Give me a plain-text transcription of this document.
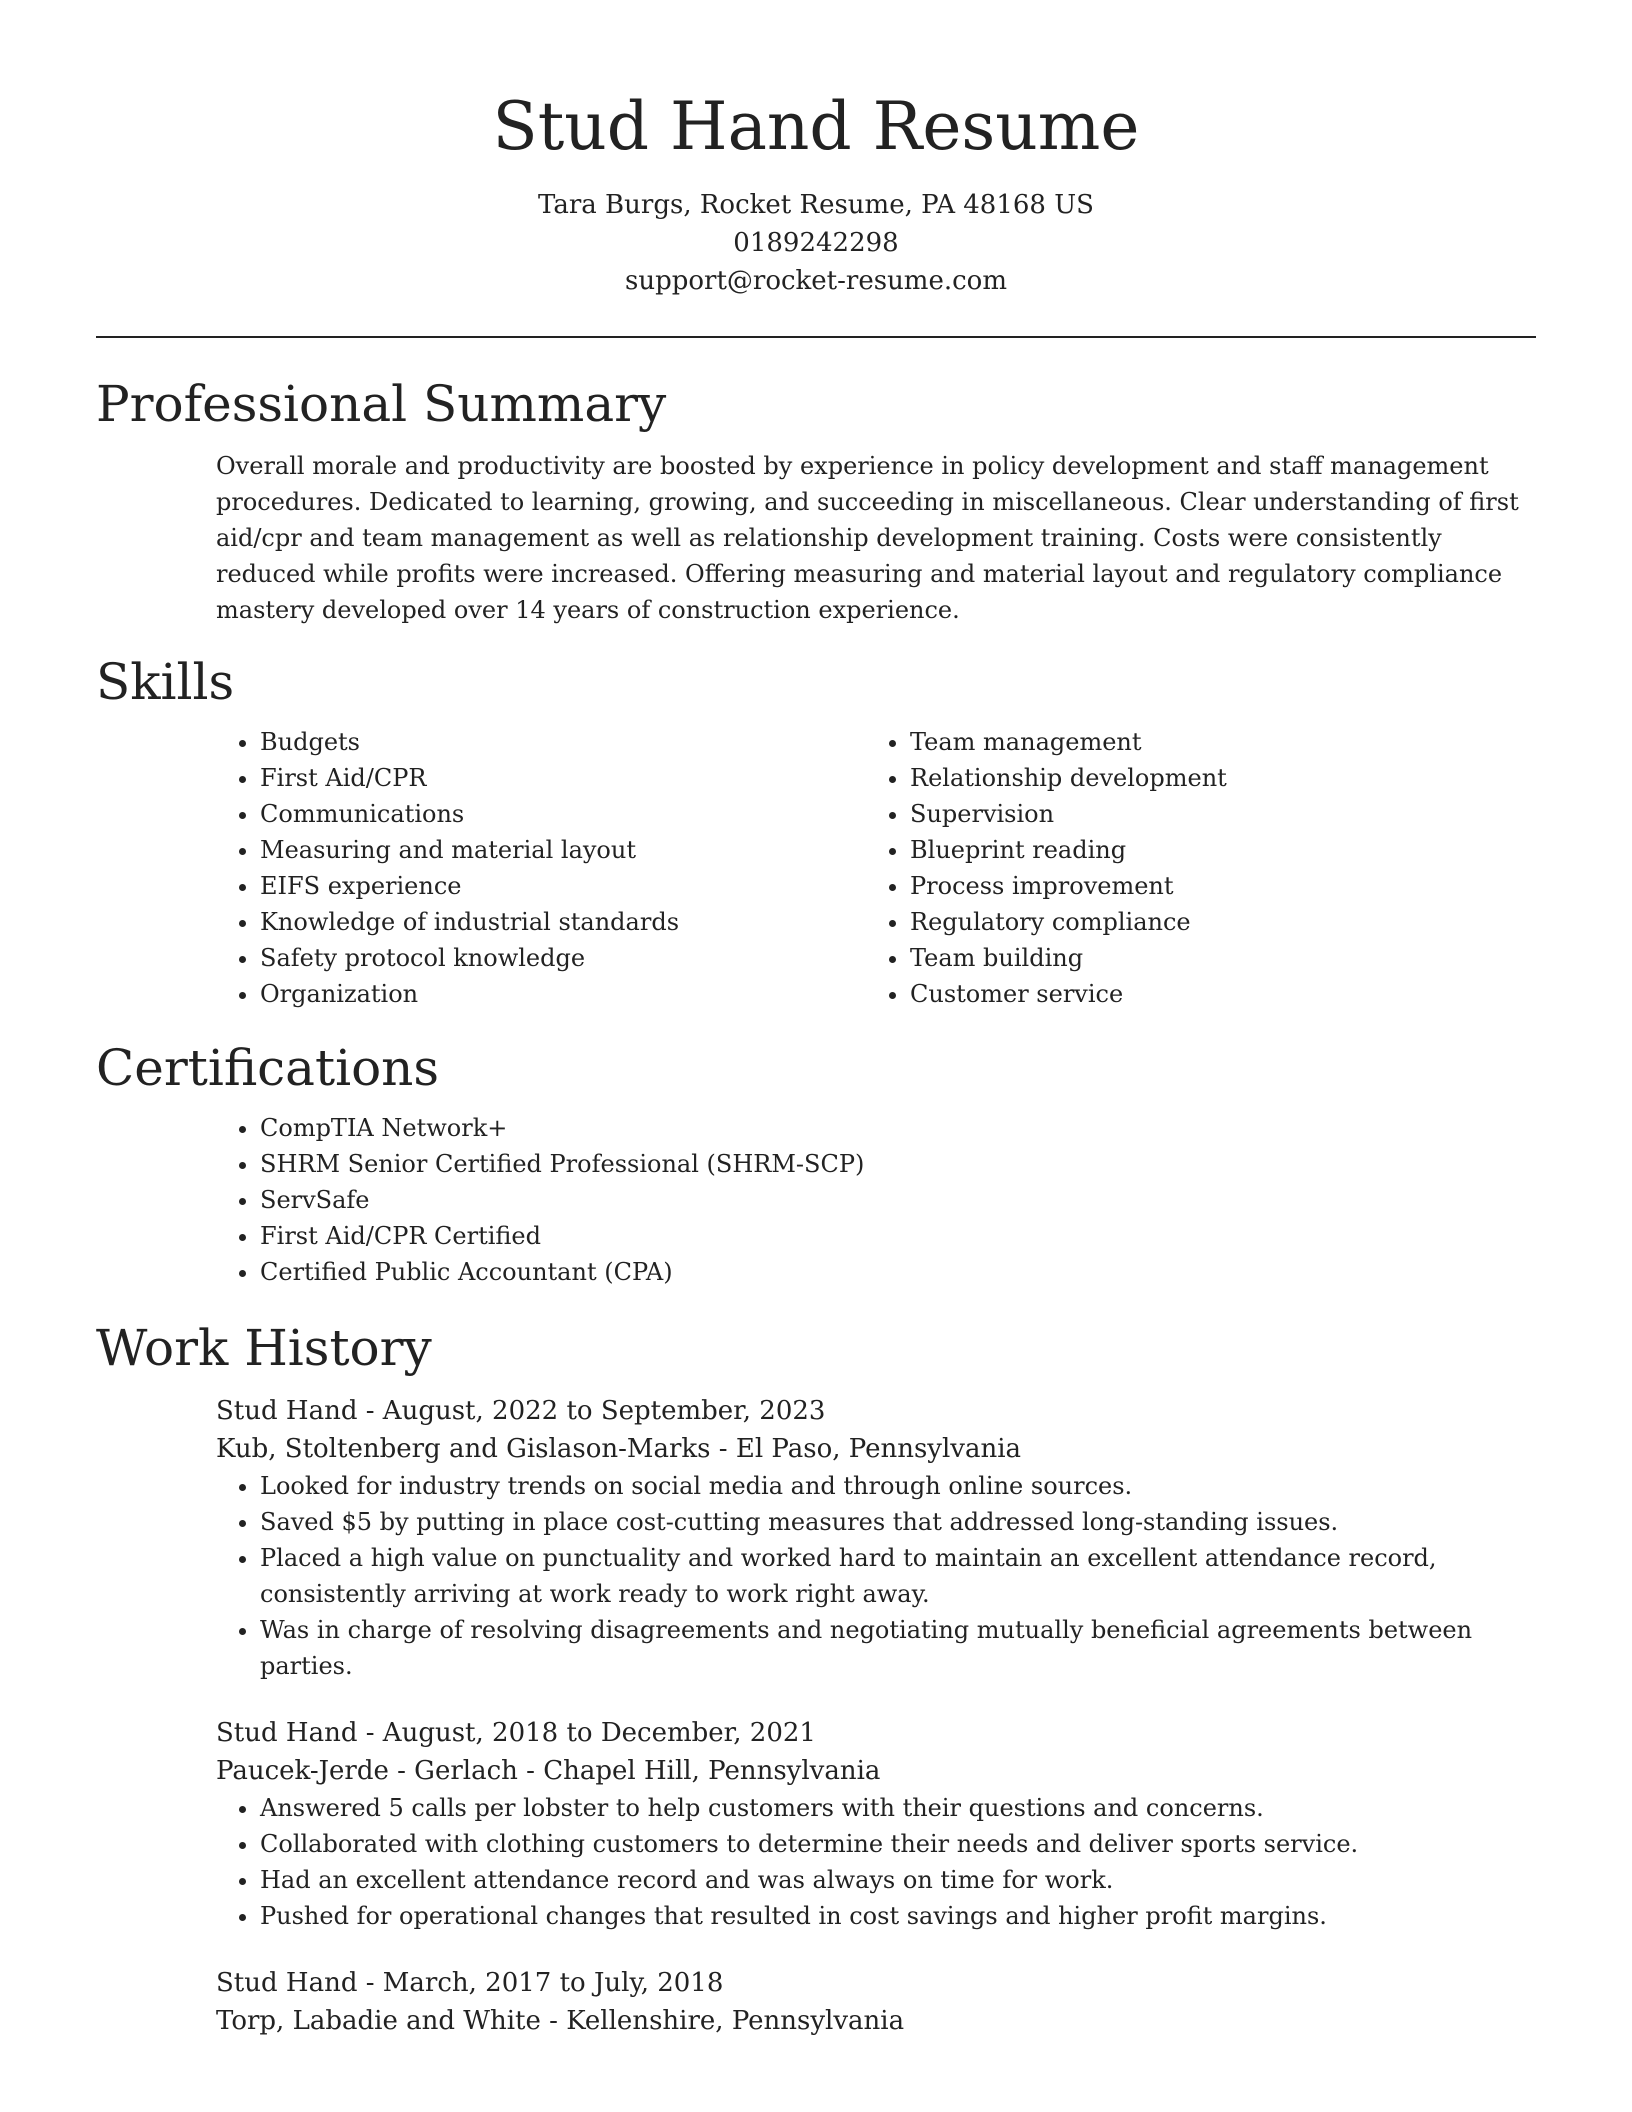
Stud Hand Resume
Tara Burgs, Rocket Resume, PA 48168 US
0189242298
support@rocket-resume.com
Professional Summary
Overall morale and productivity are boosted by experience in policy development and staff management procedures. Dedicated to learning, growing, and succeeding in miscellaneous. Clear understanding of first aid/cpr and team management as well as relationship development training. Costs were consistently reduced while profits were increased. Offering measuring and material layout and regulatory compliance mastery developed over 14 years of construction experience.
Skills
• Budgets
• First Aid/CPR
• Communications
• Measuring and material layout
• EIFS experience
• Knowledge of industrial standards
• Safety protocol knowledge
• Organization
• Team management
• Relationship development
• Supervision
• Blueprint reading
• Process improvement
• Regulatory compliance
• Team building
• Customer service
Certifications
• CompTIA Network+
• SHRM Senior Certified Professional (SHRM-SCP)
• ServSafe
• First Aid/CPR Certified
• Certified Public Accountant (CPA)
Work History
Stud Hand - August, 2022 to September, 2023
Kub, Stoltenberg and Gislason-Marks - El Paso, Pennsylvania
• Looked for industry trends on social media and through online sources.
• Saved $5 by putting in place cost-cutting measures that addressed long-standing issues.
• Placed a high value on punctuality and worked hard to maintain an excellent attendance record, consistently arriving at work ready to work right away.
• Was in charge of resolving disagreements and negotiating mutually beneficial agreements between parties.
Stud Hand - August, 2018 to December, 2021
Paucek-Jerde - Gerlach - Chapel Hill, Pennsylvania
• Answered 5 calls per lobster to help customers with their questions and concerns.
• Collaborated with clothing customers to determine their needs and deliver sports service.
• Had an excellent attendance record and was always on time for work.
• Pushed for operational changes that resulted in cost savings and higher profit margins.
Stud Hand - March, 2017 to July, 2018
Torp, Labadie and White - Kellenshire, Pennsylvania
